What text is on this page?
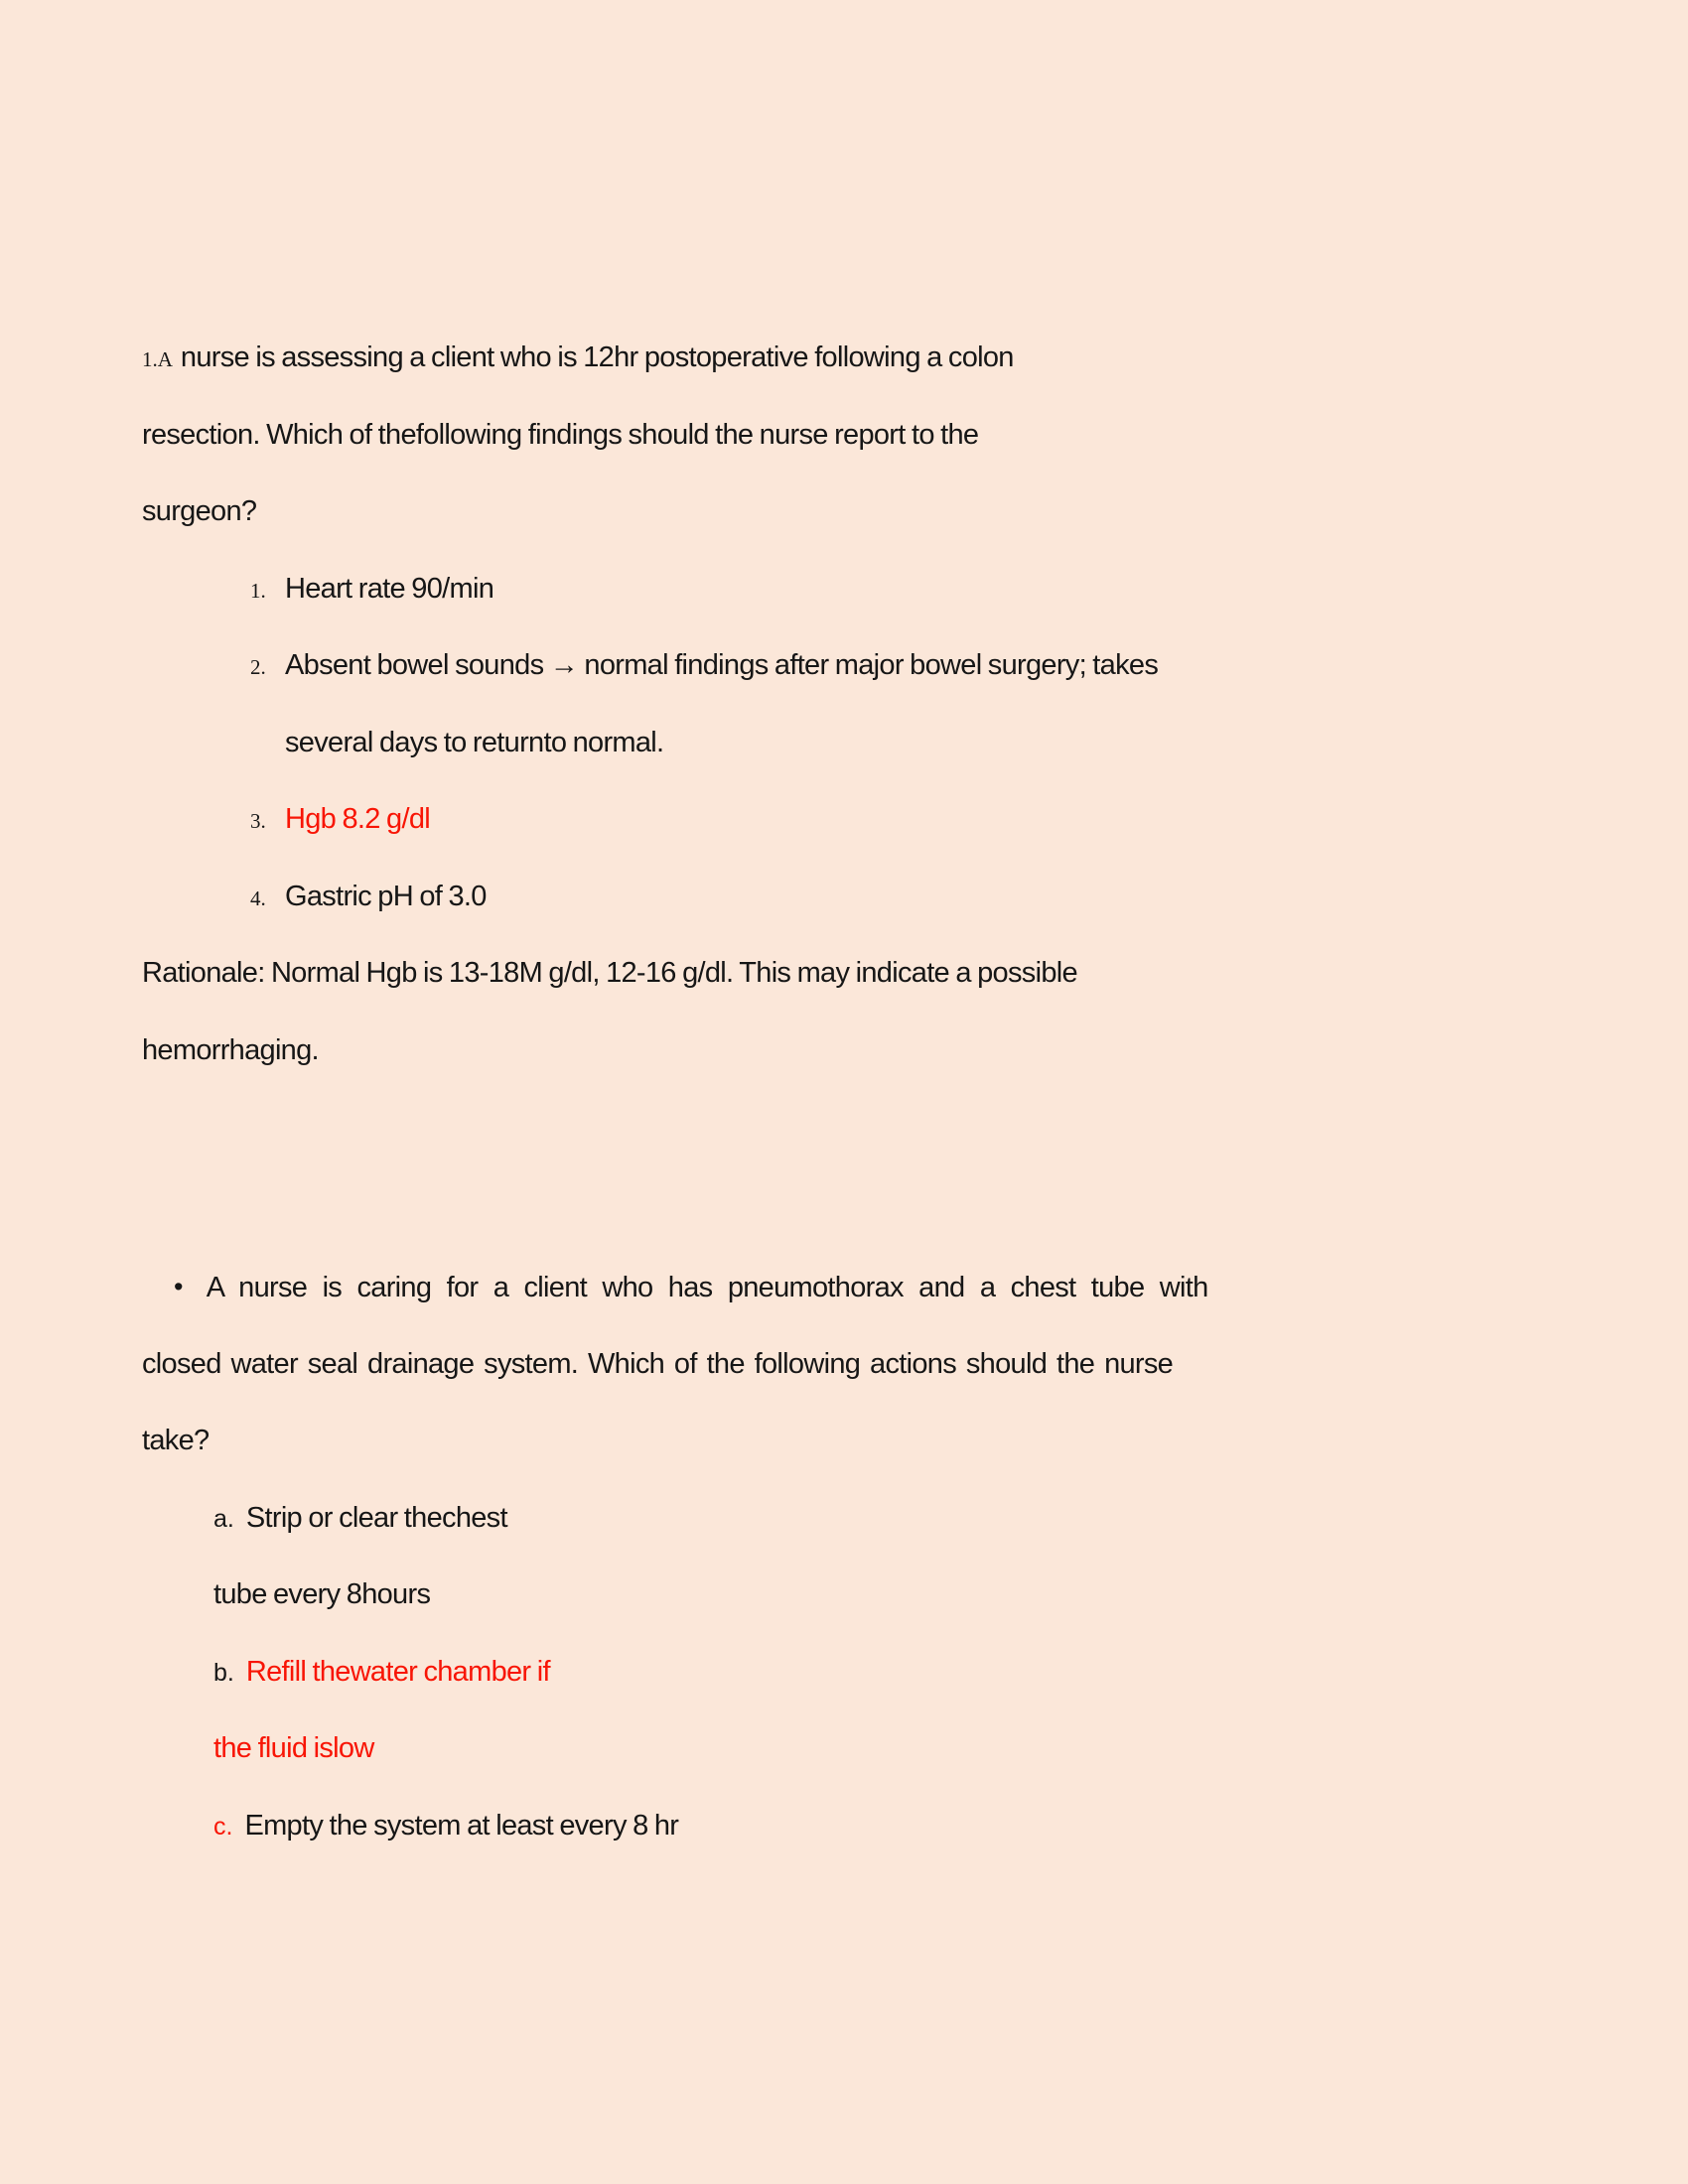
1.A nurse is assessing a client who is 12hr postoperative following a colon
resection. Which of thefollowing findings should the nurse report to the
surgeon?
1. Heart rate 90/min
2. Absent bowel sounds → normal findings after major bowel surgery; takes
several days to returnto normal.
3. Hgb 8.2 g/dl
4. Gastric pH of 3.0
Rationale: Normal Hgb is 13-18M g/dl, 12-16 g/dl. This may indicate a possible
hemorrhaging.
• A nurse is caring for a client who has pneumothorax and a chest tube with
closed water seal drainage system. Which of the following actions should the nurse
take?
a. Strip or clear thechest
tube every 8hours
b. Refill thewater chamber if
the fluid islow
c. Empty the system at least every 8 hr
